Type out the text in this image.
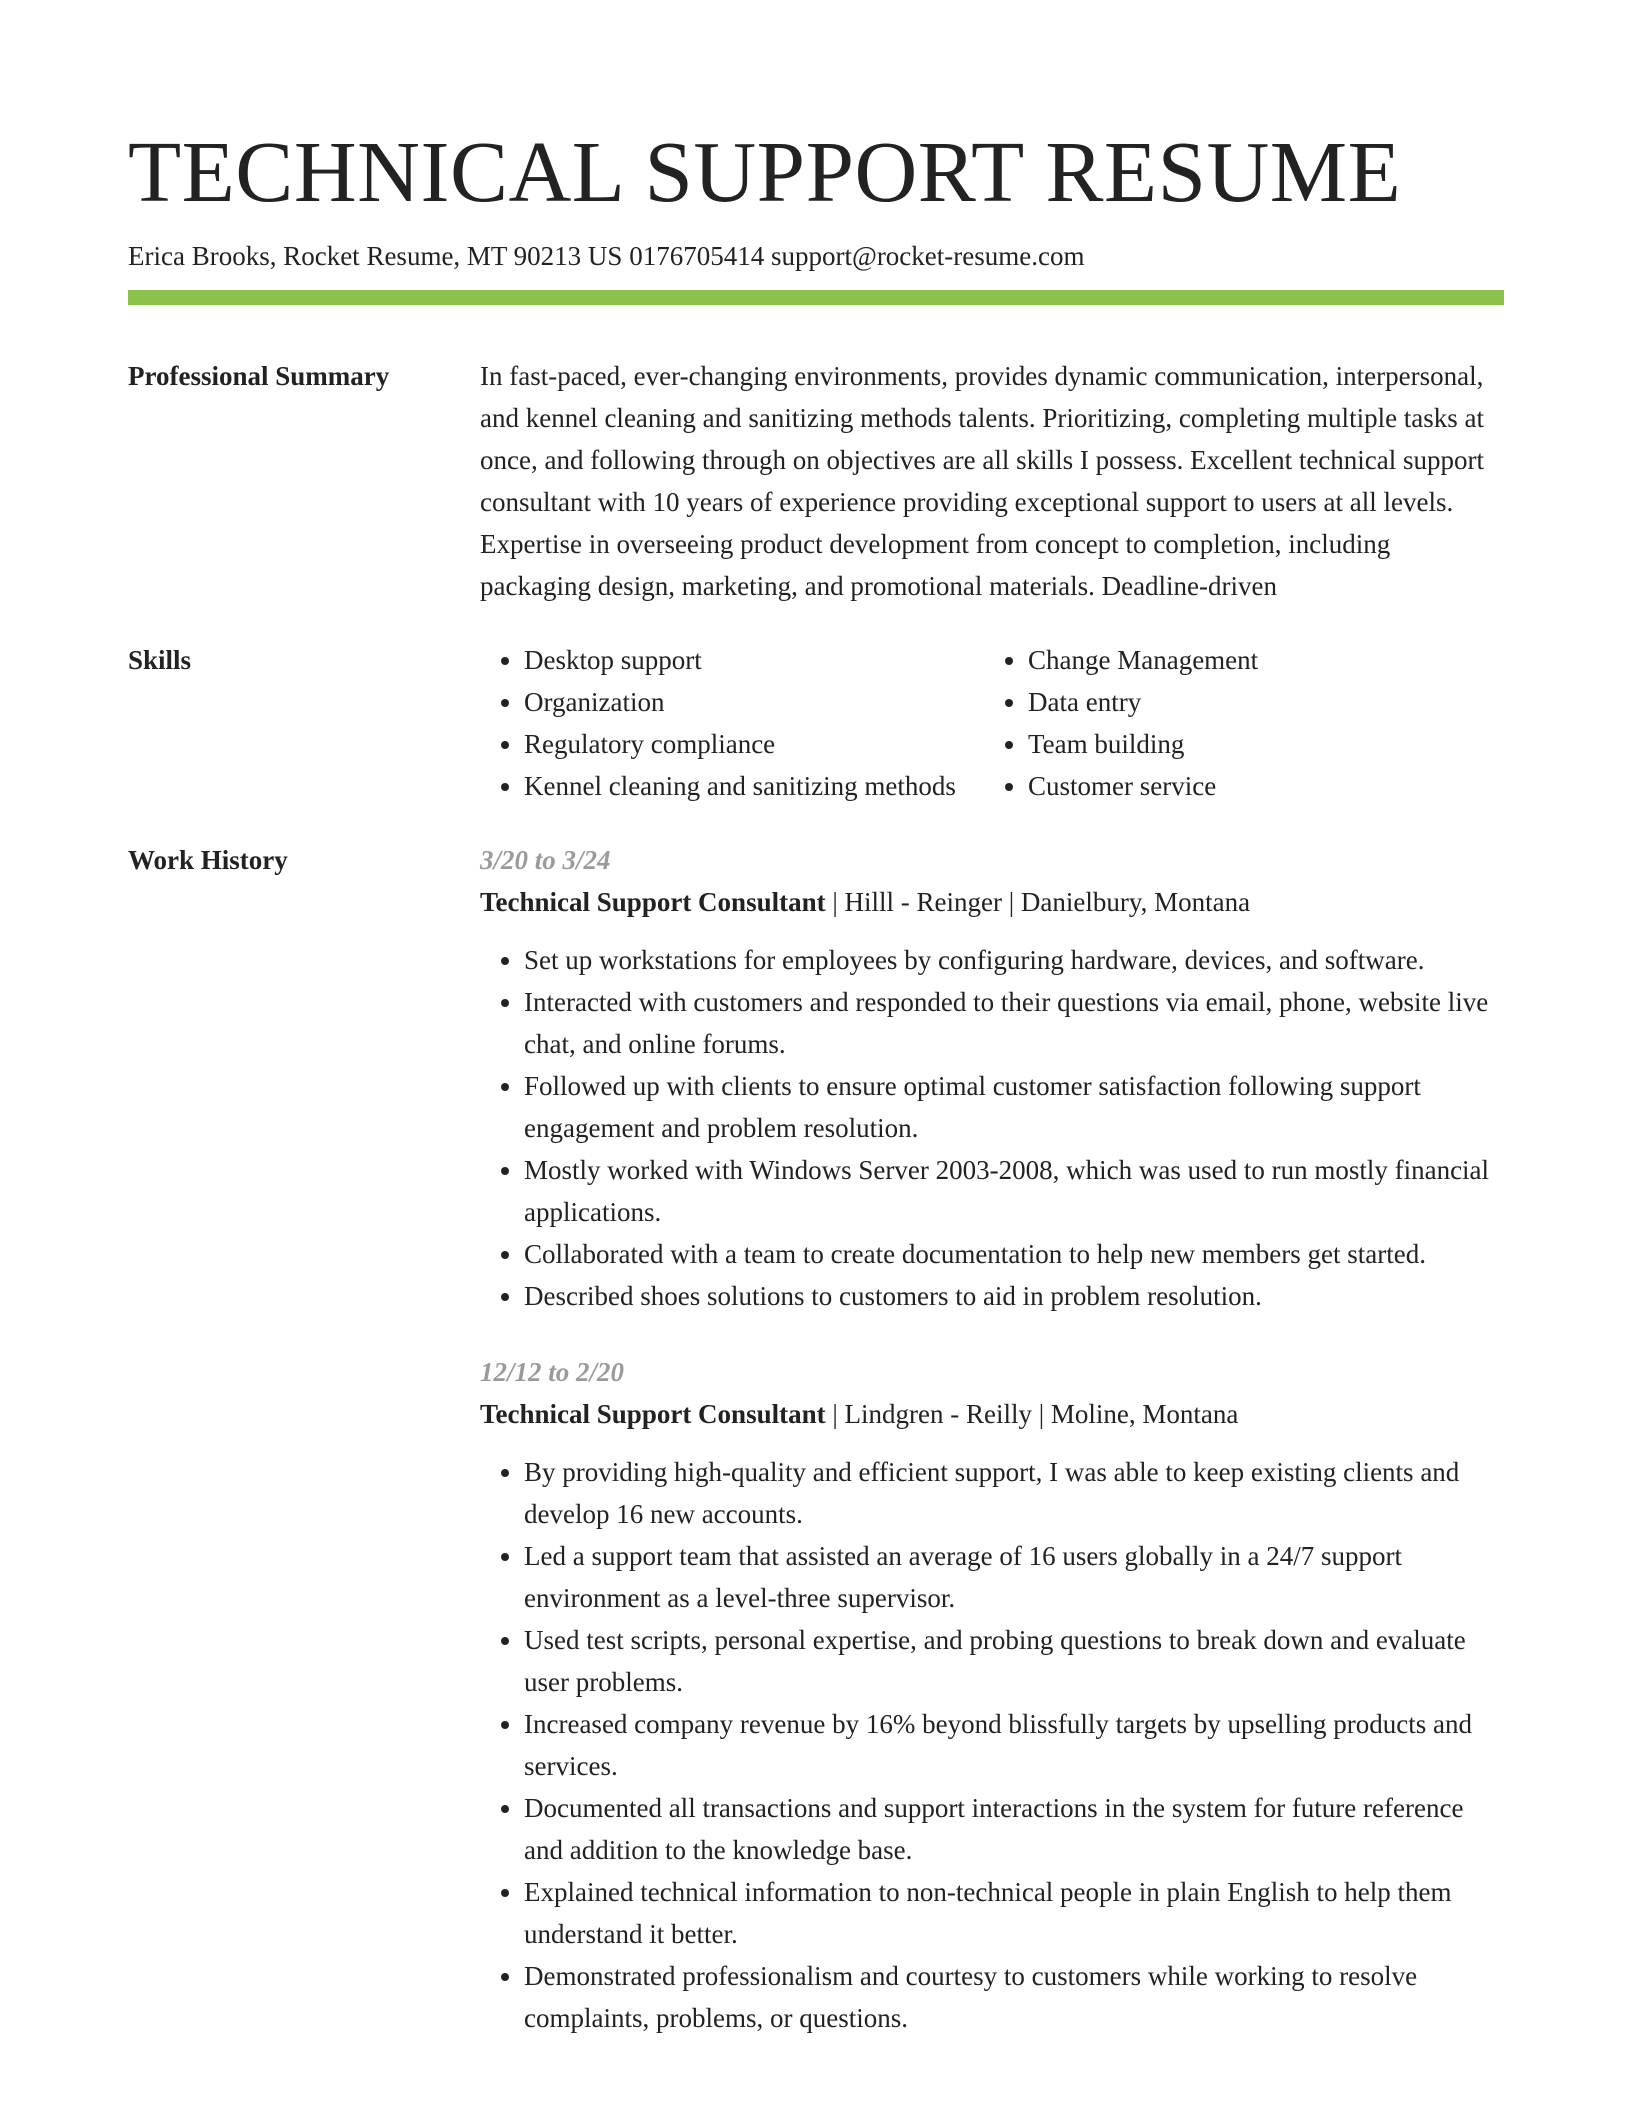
TECHNICAL SUPPORT RESUME
Erica Brooks, Rocket Resume, MT 90213 US 0176705414 support@rocket-resume.com
Professional Summary	In fast-paced, ever-changing environments, provides dynamic communication, interpersonal, and kennel cleaning and sanitizing methods talents. Prioritizing, completing multiple tasks at once, and following through on objectives are all skills I possess. Excellent technical support consultant with 10 years of experience providing exceptional support to users at all levels. Expertise in overseeing product development from concept to completion, including packaging design, marketing, and promotional materials. Deadline-driven

Skills
•	Desktop support
• Organization
• Regulatory compliance
• Kennel cleaning and sanitizing methods
• Change Management
• Data entry
• Team building
• Customer service
Work History	3/20 to 3/24
Technical Support Consultant | Hilll - Reinger | Danielbury, Montana
• Set up workstations for employees by configuring hardware, devices, and software.
• Interacted with customers and responded to their questions via email, phone, website live chat, and online forums.
• Followed up with clients to ensure optimal customer satisfaction following support engagement and problem resolution.
• Mostly worked with Windows Server 2003-2008, which was used to run mostly financial applications.
• Collaborated with a team to create documentation to help new members get started.
• Described shoes solutions to customers to aid in problem resolution.
12/12 to 2/20
Technical Support Consultant | Lindgren - Reilly | Moline, Montana
• By providing high-quality and efficient support, I was able to keep existing clients and develop 16 new accounts.
• Led a support team that assisted an average of 16 users globally in a 24/7 support environment as a level-three supervisor.
• Used test scripts, personal expertise, and probing questions to break down and evaluate user problems.
• Increased company revenue by 16% beyond blissfully targets by upselling products and services.
• Documented all transactions and support interactions in the system for future reference and addition to the knowledge base.
• Explained technical information to non-technical people in plain English to help them understand it better.
• Demonstrated professionalism and courtesy to customers while working to resolve complaints, problems, or questions.
